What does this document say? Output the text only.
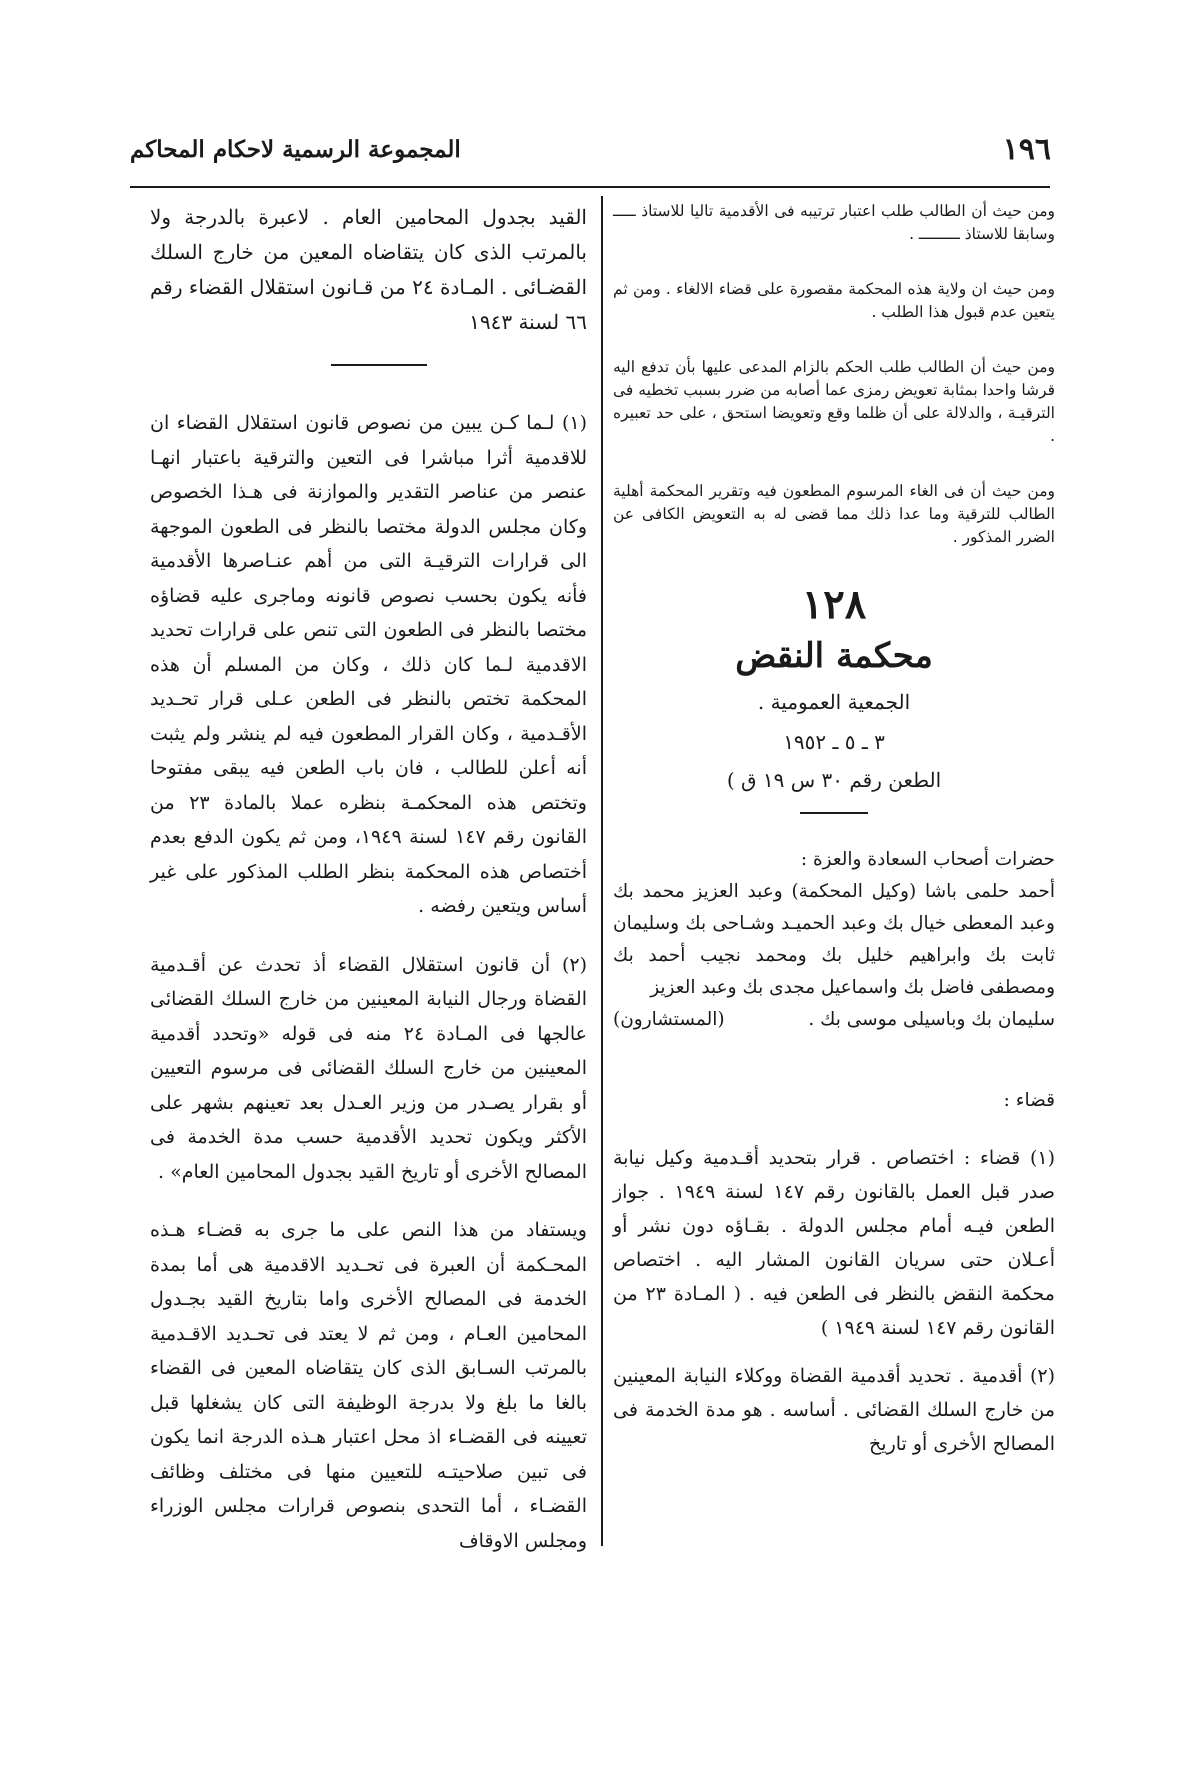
١٩٦
المجموعة الرسمية لاحكام المحاكم

ومن حيث أن الطالب طلب اعتبار ترتيبه فى الأقدمية تاليا للاستاذ ـــــ وسابقا للاستاذ ـــــــــ .

ومن حيث ان ولاية هذه المحكمة مقصورة على قضاء الالغاء . ومن ثم يتعين عدم قبول هذا الطلب .

ومن حيث أن الطالب طلب الحكم بالزام المدعى عليها بأن تدفع اليه قرشا واحدا بمثابة تعويض رمزى عما أصابه من ضرر بسبب تخطيه فى الترقيـة ، والدلالة على أن ظلما وقع وتعويضا استحق ، على حد تعبيره .

ومن حيث أن فى الغاء المرسوم المطعون فيه وتقرير المحكمة أهلية الطالب للترقية وما عدا ذلك مما قضى له به التعويض الكافى عن الضرر المذكور .

١٢٨
محكمة النقض
الجمعية العمومية .
٣ ـ ٥ ـ ١٩٥٢
الطعن رقم ٣٠ س ١٩ ق )

حضرات أصحاب السعادة والعزة :

أحمد حلمى باشا (وكيل المحكمة) وعبد العزيز محمد بك وعبد المعطى خيال بك وعبد الحميـد وشـاحى بك وسليمان ثابت بك وابراهيم خليل بك ومحمد نجيب أحمد بك ومصطفى فاضل بك واسماعيل مجدى بك وعبد العزيز

سليمان بك وباسيلى موسى بك .
(المستشارون)

قضاء :

(١) قضاء : اختصاص . قرار بتحديد أقـدمية وكيل نيابة صدر قبل العمل بالقانون رقم ١٤٧ لسنة ١٩٤٩ . جواز الطعن فيـه أمام مجلس الدولة . بقـاؤه دون نشر أو أعـلان حتى سريان القانون المشار اليه . اختصاص محكمة النقض بالنظر فى الطعن فيه . ( المـادة ٢٣ من القانون رقم ١٤٧ لسنة ١٩٤٩ )

(٢) أقدمية . تحديد أقدمية القضاة ووكلاء النيابة المعينين من خارج السلك القضائى . أساسه . هو مدة الخدمة فى المصالح الأخرى أو تاريخ

القيد بجدول المحامين العام . لاعبرة بالدرجة ولا بالمرتب الذى كان يتقاضاه المعين من خارج السلك القضـائى . المـادة ٢٤ من قـانون استقلال القضاء رقم ٦٦ لسنة ١٩٤٣

(١) لـما كـن يبين من نصوص قانون استقلال القضاء ان للاقدمية أثرا مباشرا فى التعين والترقية باعتبار انهـا عنصر من عناصر التقدير والموازنة فى هـذا الخصوص وكان مجلس الدولة مختصا بالنظر فى الطعون الموجهة الى قرارات الترقيـة التى من أهم عنـاصرها الأقدمية فأنه يكون بحسب نصوص قانونه وماجرى عليه قضاؤه مختصا بالنظر فى الطعون التى تنص على قرارات تحديد الاقدمية لـما كان ذلك ، وكان من المسلم أن هذه المحكمة تختص بالنظر فى الطعن عـلى قرار تحـديد الأقـدمية ، وكان القرار المطعون فيه لم ينشر ولم يثبت أنه أعلن للطالب ، فان باب الطعن فيه يبقى مفتوحا وتختص هذه المحكمـة بنظره عملا بالمادة ٢٣ من القانون رقم ١٤٧ لسنة ١٩٤٩، ومن ثم يكون الدفع بعدم أختصاص هذه المحكمة بنظر الطلب المذكور على غير أساس ويتعين رفضه .

(٢) أن قانون استقلال القضاء أذ تحدث عن أقـدمية القضاة ورجال النيابة المعينين من خارج السلك القضائى عالجها فى المـادة ٢٤ منه فى قوله «وتحدد أقدمية المعينين من خارج السلك القضائى فى مرسوم التعيين أو بقرار يصـدر من وزير العـدل بعد تعينهم بشهر على الأكثر ويكون تحديد الأقدمية حسب مدة الخدمة فى المصالح الأخرى أو تاريخ القيد بجدول المحامين العام» .

ويستفاد من هذا النص على ما جرى به قضـاء هـذه المحـكمة أن العبرة فى تحـديد الاقدمية هى أما بمدة الخدمة فى المصالح الأخرى واما بتاريخ القيد بجـدول المحامين العـام ، ومن ثم لا يعتد فى تحـديد الاقـدمية بالمرتب السـابق الذى كان يتقاضاه المعين فى القضاء بالغا ما بلغ ولا بدرجة الوظيفة التى كان يشغلها قبل تعيينه فى القضـاء اذ محل اعتبار هـذه الدرجة انما يكون فى تبين صلاحيتـه للتعيين منها فى مختلف وظائف القضـاء ، أما التحدى بنصوص قرارات مجلس الوزراء ومجلس الاوقاف
